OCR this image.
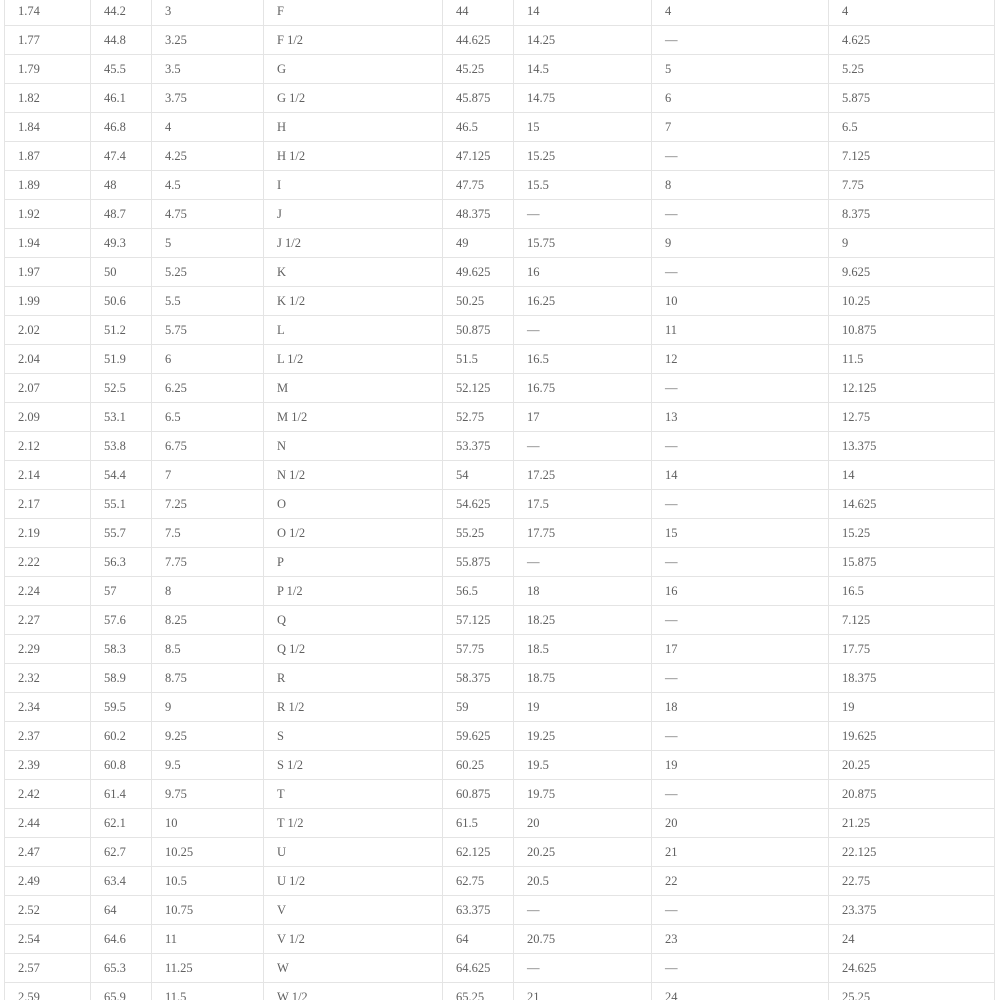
1.74	44.2	3	F	44	14	4	4
1.77	44.8	3.25	F 1/2	44.625	14.25	—	4.625
1.79	45.5	3.5	G	45.25	14.5	5	5.25
1.82	46.1	3.75	G 1/2	45.875	14.75	6	5.875
1.84	46.8	4	H	46.5	15	7	6.5
1.87	47.4	4.25	H 1/2	47.125	15.25	—	7.125
1.89	48	4.5	I	47.75	15.5	8	7.75
1.92	48.7	4.75	J	48.375	—	—	8.375
1.94	49.3	5	J 1/2	49	15.75	9	9
1.97	50	5.25	K	49.625	16	—	9.625
1.99	50.6	5.5	K 1/2	50.25	16.25	10	10.25
2.02	51.2	5.75	L	50.875	—	11	10.875
2.04	51.9	6	L 1/2	51.5	16.5	12	11.5
2.07	52.5	6.25	M	52.125	16.75	—	12.125
2.09	53.1	6.5	M 1/2	52.75	17	13	12.75
2.12	53.8	6.75	N	53.375	—	—	13.375
2.14	54.4	7	N 1/2	54	17.25	14	14
2.17	55.1	7.25	O	54.625	17.5	—	14.625
2.19	55.7	7.5	O 1/2	55.25	17.75	15	15.25
2.22	56.3	7.75	P	55.875	—	—	15.875
2.24	57	8	P 1/2	56.5	18	16	16.5
2.27	57.6	8.25	Q	57.125	18.25	—	7.125
2.29	58.3	8.5	Q 1/2	57.75	18.5	17	17.75
2.32	58.9	8.75	R	58.375	18.75	—	18.375
2.34	59.5	9	R 1/2	59	19	18	19
2.37	60.2	9.25	S	59.625	19.25	—	19.625
2.39	60.8	9.5	S 1/2	60.25	19.5	19	20.25
2.42	61.4	9.75	T	60.875	19.75	—	20.875
2.44	62.1	10	T 1/2	61.5	20	20	21.25
2.47	62.7	10.25	U	62.125	20.25	21	22.125
2.49	63.4	10.5	U 1/2	62.75	20.5	22	22.75
2.52	64	10.75	V	63.375	—	—	23.375
2.54	64.6	11	V 1/2	64	20.75	23	24
2.57	65.3	11.25	W	64.625	—	—	24.625
2.59	65.9	11.5	W 1/2	65.25	21	24	25.25
